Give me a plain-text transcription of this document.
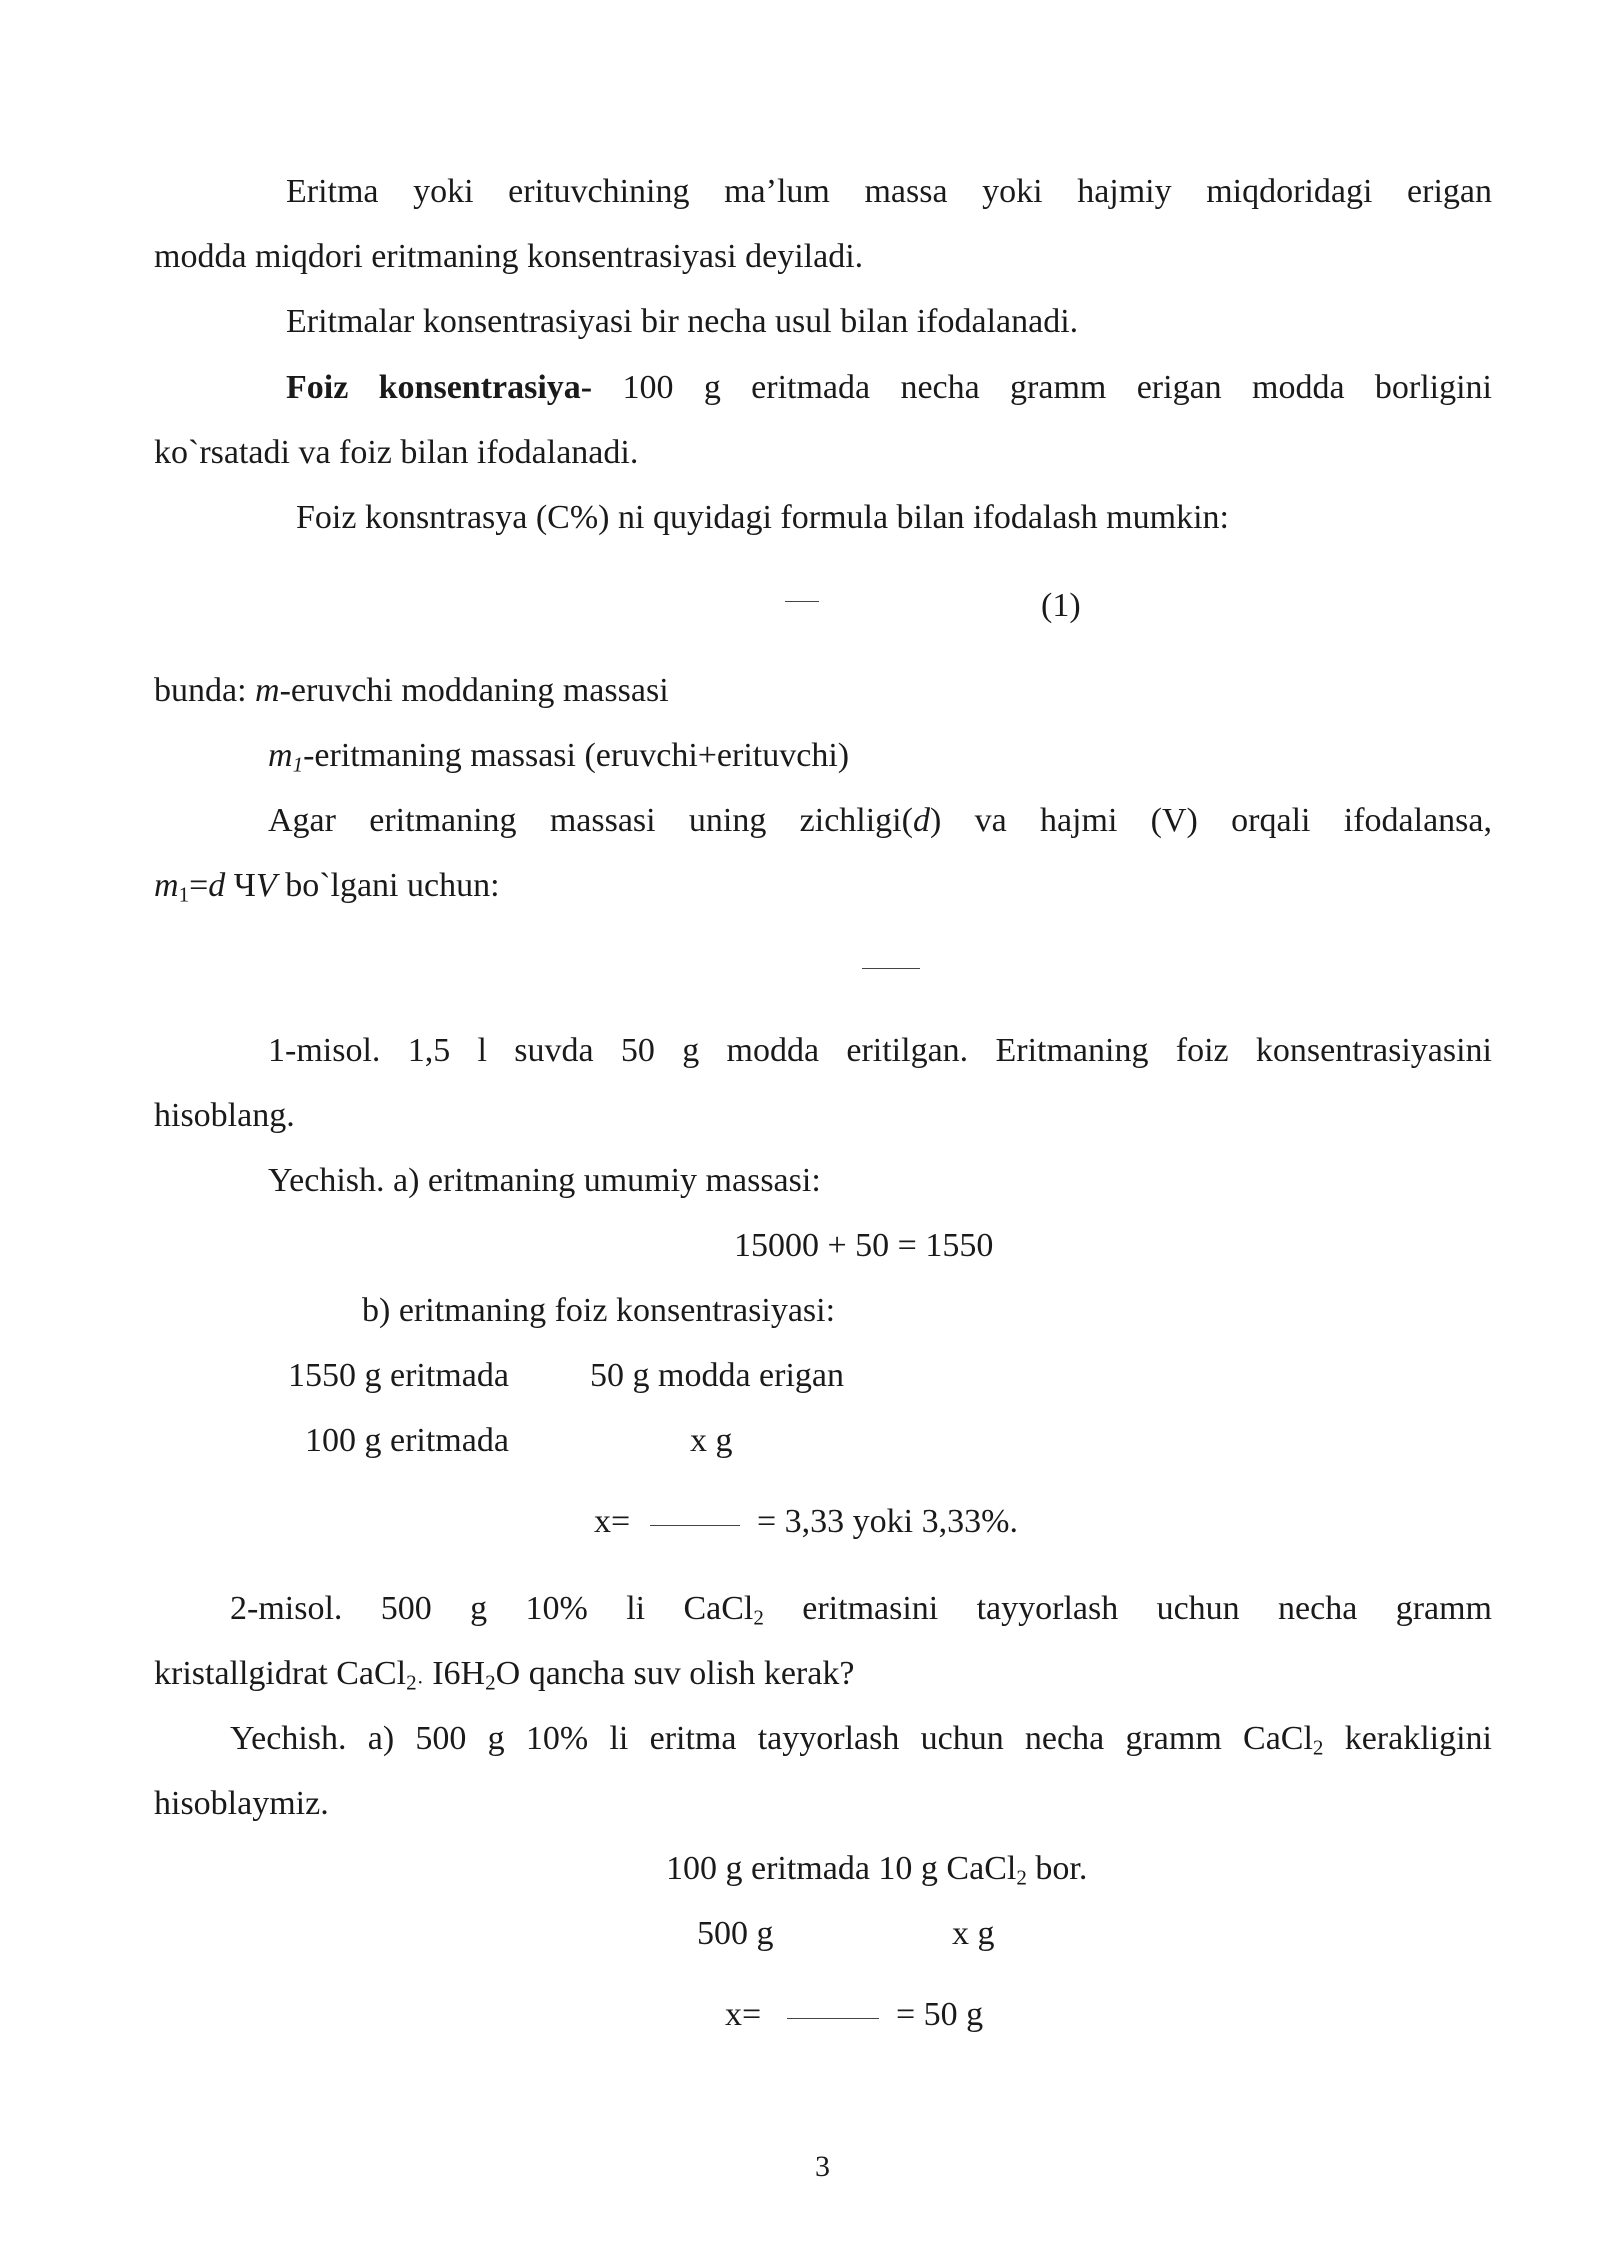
Eritma yoki erituvchining ma’lum massa yoki hajmiy miqdoridagi erigan
modda miqdori eritmaning konsentrasiyasi deyiladi.
Eritmalar konsentrasiyasi bir necha usul bilan ifodalanadi.
Foiz konsentrasiya- 100 g eritmada necha gramm erigan modda borligini
ko`rsatadi va foiz bilan ifodalanadi.
Foiz konsntrasya (C%) ni quyidagi formula bilan ifodalash mumkin:
(1)
bunda: m-eruvchi moddaning massasi
$m_1$-eritmaning massasi (eruvchi+erituvchi)
Agar eritmaning massasi uning zichligi(d) va hajmi (V) orqali ifodalansa,
$m_1=d$ ЧV bo`lgani uchun:
1-misol. 1,5 l suvda 50 g modda eritilgan. Eritmaning foiz konsentrasiyasini
hisoblang.
Yechish. a) eritmaning umumiy massasi:
15000 + 50 = 1550
b) eritmaning foiz konsentrasiyasi:
1550 g eritmada 50 g modda erigan
100 g eritmada	x g
x=	= 3,33 yoki 3,33%.
2-misol. 500 g 10% li CaCl$_2$ eritmasini tayyorlash uchun necha gramm
kristallgidrat CaCl$_{2\cdot}$ $I6H_2O$ qancha suv olish kerak?
Yechish. a) 500 g 10% li eritma tayyorlash uchun necha gramm CaCl$_2$ kerakligini
hisoblaymiz.
100 g eritmada 10 g CaCl$_2$ bor.
500 g	x g
x=	= 50 g
3
